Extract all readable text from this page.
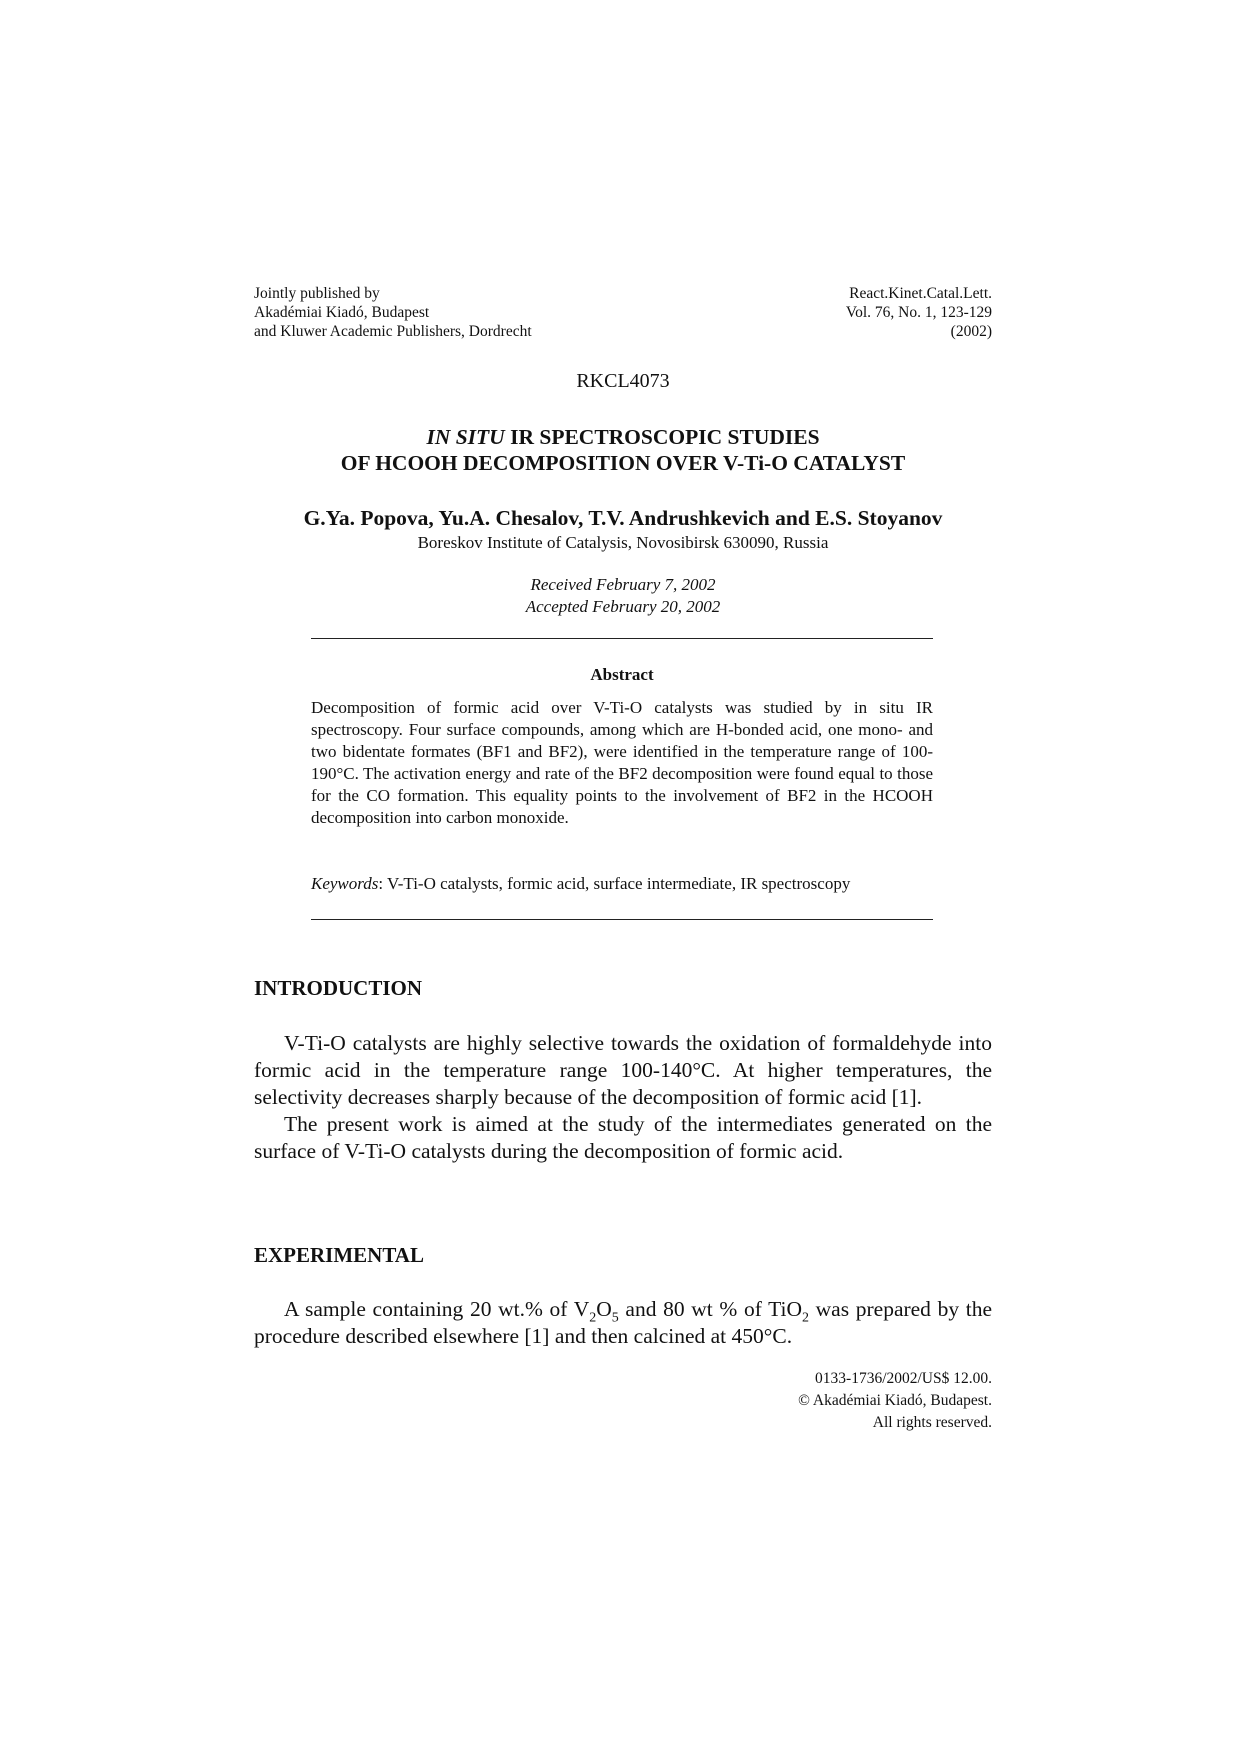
Jointly published by
Akadémiai Kiadó, Budapest
and Kluwer Academic Publishers, Dordrecht
React.Kinet.Catal.Lett.
Vol. 76, No. 1, 123-129
(2002)
RKCL4073
IN SITU IR SPECTROSCOPIC STUDIES
OF HCOOH DECOMPOSITION OVER V-Ti-O CATALYST
G.Ya. Popova, Yu.A. Chesalov, T.V. Andrushkevich and E.S. Stoyanov
Boreskov Institute of Catalysis, Novosibirsk 630090, Russia
Received February 7, 2002
Accepted February 20, 2002
Abstract
Decomposition of formic acid over V-Ti-O catalysts was studied by in situ IR spectroscopy. Four surface compounds, among which are H-bonded acid, one mono- and two bidentate formates (BF1 and BF2), were identified in the temperature range of 100-190°C. The activation energy and rate of the BF2 decomposition were found equal to those for the CO formation. This equality points to the involvement of BF2 in the HCOOH decomposition into carbon monoxide.
Keywords: V-Ti-O catalysts, formic acid, surface intermediate, IR spectroscopy
INTRODUCTION

V-Ti-O catalysts are highly selective towards the oxidation of formaldehyde into formic acid in the temperature range 100-140°C. At higher temperatures, the selectivity decreases sharply because of the decomposition of formic acid [1].

The present work is aimed at the study of the intermediates generated on the surface of V-Ti-O catalysts during the decomposition of formic acid.

EXPERIMENTAL

A sample containing 20 wt.% of $V_2O_5$ and 80 wt % of TiO$_2$ was prepared by the procedure described elsewhere [1] and then calcined at 450°C.

0133-1736/2002/US$ 12.00.
© Akadémiai Kiadó, Budapest.
All rights reserved.
